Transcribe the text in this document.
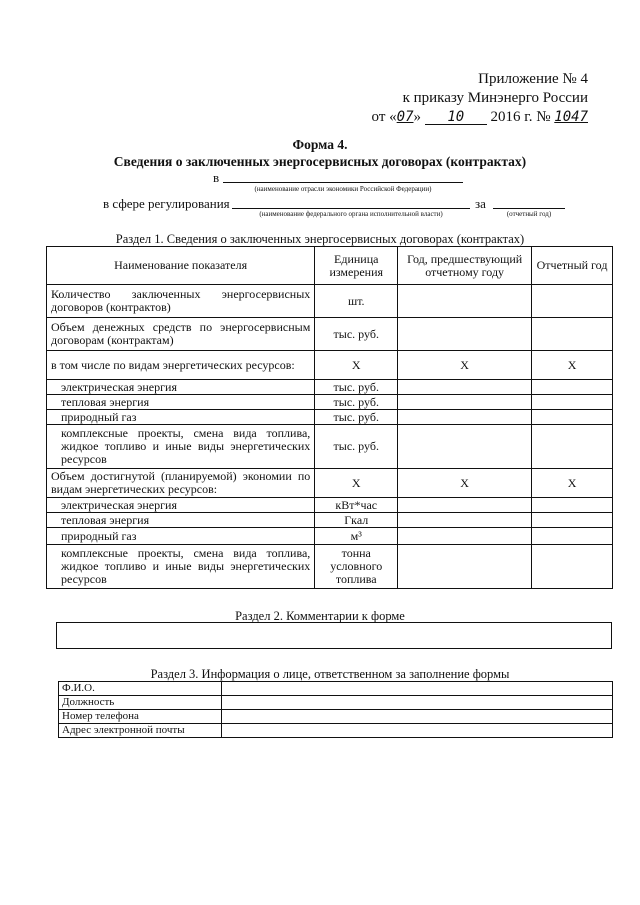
Приложение № 4
к приказу Минэнерго России
от «07» 10 2016 г. № 1047
Форма 4.
Сведения о заключенных энергосервисных договорах (контрактах)
в
(наименование отрасли экономики Российской Федерации)
в сфере регулирования
(наименование федерального органа исполнительной власти)
за
(отчетный год)
Раздел 1. Сведения о заключенных энергосервисных договорах (контрактах)
Наименование показателя	Единица измерения	Год, предшествующий отчетному году	Отчетный год
Количество заключенных энергосервисных договоров (контрактов)	шт.		
Объем денежных средств по энергосервисным договорам (контрактам)	тыс. руб.		
в том числе по видам энергетических ресурсов:	Х	Х	Х
электрическая энергия	тыс. руб.		
тепловая энергия	тыс. руб.		
природный газ	тыс. руб.		
комплексные проекты, смена вида топлива, жидкое топливо и иные виды энергетических ресурсов	тыс. руб.		
Объем достигнутой (планируемой) экономии по видам энергетических ресурсов:	Х	Х	Х
электрическая энергия	кВт*час		
тепловая энергия	Гкал		
природный газ	м³		
комплексные проекты, смена вида топлива, жидкое топливо и иные виды энергетических ресурсов	тонна условного топлива		
Раздел 2. Комментарии к форме
Раздел 3. Информация о лице, ответственном за заполнение формы
Ф.И.О.	
Должность	
Номер телефона	
Адрес электронной почты	
